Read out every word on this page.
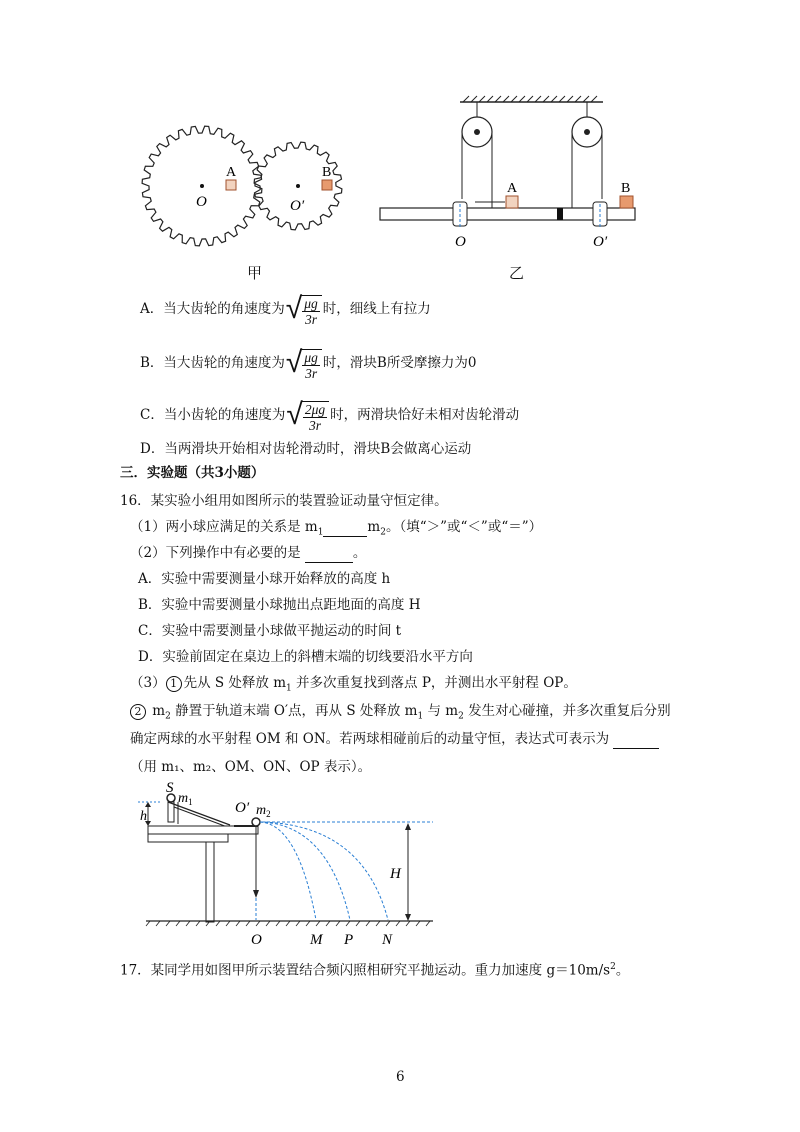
A	B
O	O′
甲
A	B
O	O′
乙
A．当大齿轮的角速度为 √ $\frac{\mu g}{3r}$ 时，细线上有拉力
B．当大齿轮的角速度为 √ $\frac{\mu g}{3r}$ 时，滑块B所受摩擦力为0
C．当小齿轮的角速度为 √ $\frac{2\mu g}{3r}$ 时，两滑块恰好未相对齿轮滑动
D．当两滑块开始相对齿轮滑动时，滑块B会做离心运动
三．实验题（共3小题）
16．某实验小组用如图所示的装置验证动量守恒定律。
（1）两小球应满足的关系是 $m_1$	$m_2$。（填“＞”或“＜”或“＝”）
（2）下列操作中有必要的是	。
A．实验中需要测量小球开始释放的高度 h
B．实验中需要测量小球抛出点距地面的高度 H
C．实验中需要测量小球做平抛运动的时间 t
D．实验前固定在桌边上的斜槽末端的切线要沿水平方向
（3） 1 先从 S 处释放 $m_1$ 并多次重复找到落点 P，并测出水平射程 OP。
2 $m_2$ 静置于轨道末端 O′点，再从 S 处释放 $m_1$ 与 $m_2$ 发生对心碰撞，并多次重复后分别
确定两球的水平射程 OM 和 ON。若两球相碰前后的动量守恒，表达式可表示为
（用 m₁、m₂、OM、ON、OP 表示）。
S
$m_1$
h
O′ $m_2$
H
O	M P N
17．某同学用如图甲所示装置结合频闪照相研究平抛运动。重力加速度 $g=10m/s^2$。
6
